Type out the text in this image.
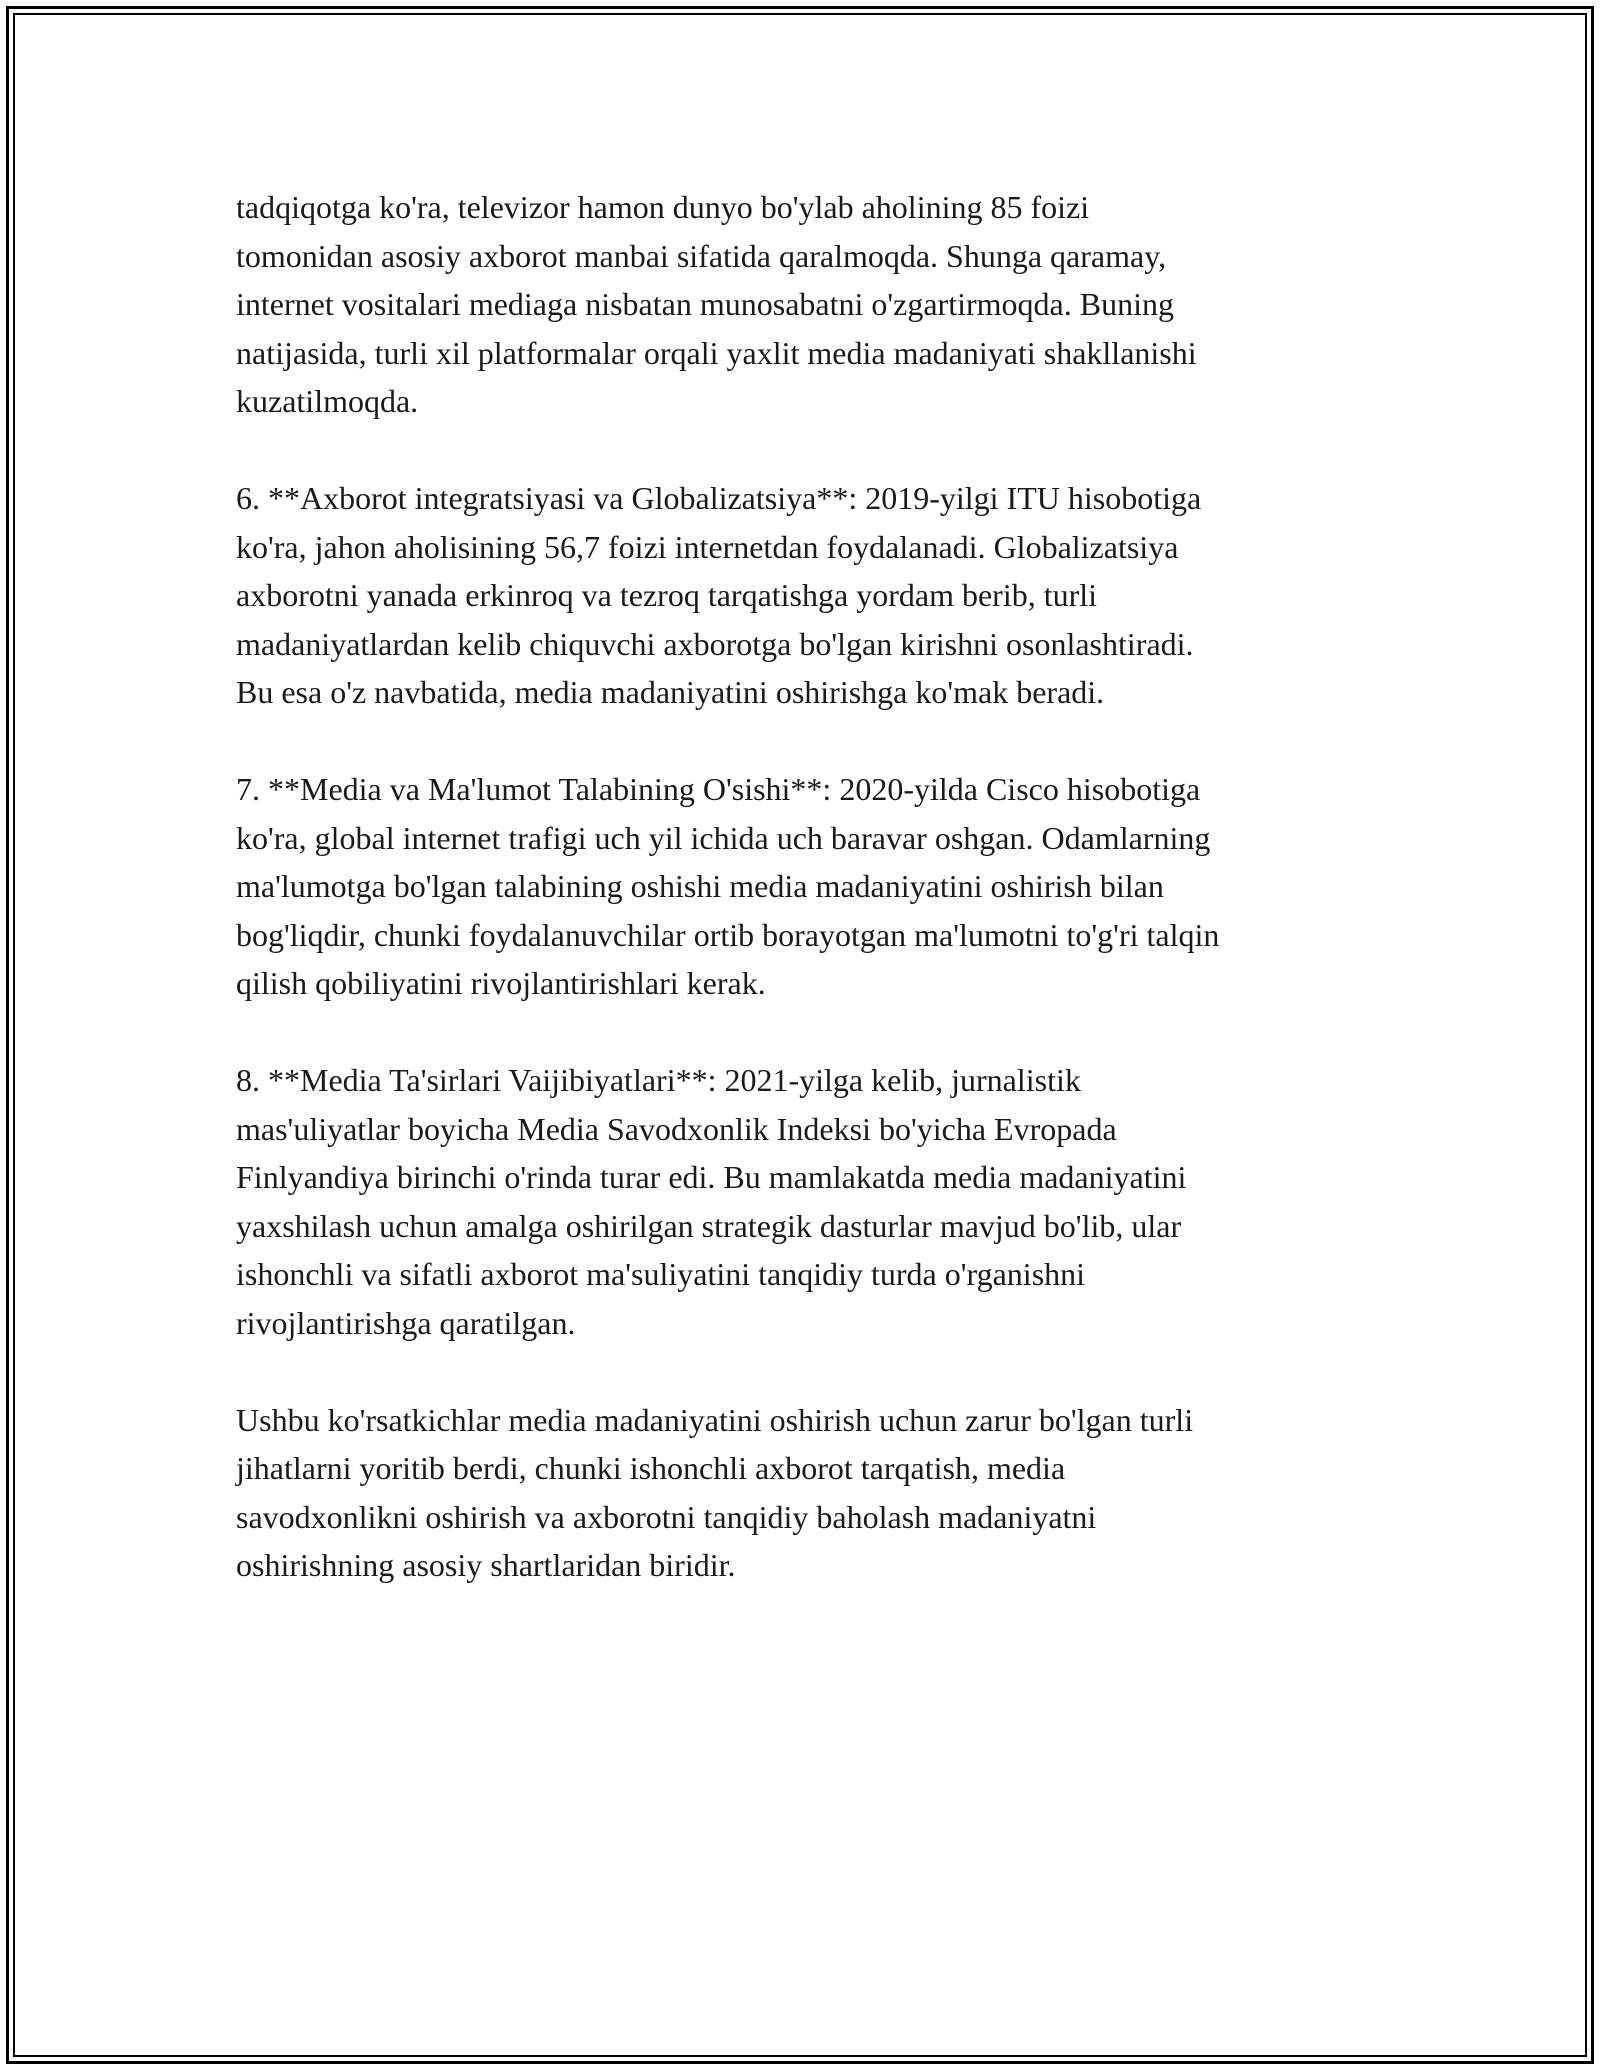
tadqiqotga ko'ra, televizor hamon dunyo bo'ylab aholining 85 foizi
tomonidan asosiy axborot manbai sifatida qaralmoqda. Shunga qaramay,
internet vositalari mediaga nisbatan munosabatni o'zgartirmoqda. Buning
natijasida, turli xil platformalar orqali yaxlit media madaniyati shakllanishi
kuzatilmoqda.

6. **Axborot integratsiyasi va Globalizatsiya**: 2019-yilgi ITU hisobotiga
ko'ra, jahon aholisining 56,7 foizi internetdan foydalanadi. Globalizatsiya
axborotni yanada erkinroq va tezroq tarqatishga yordam berib, turli
madaniyatlardan kelib chiquvchi axborotga bo'lgan kirishni osonlashtiradi.
Bu esa o'z navbatida, media madaniyatini oshirishga ko'mak beradi.

7. **Media va Ma'lumot Talabining O'sishi**: 2020-yilda Cisco hisobotiga
ko'ra, global internet trafigi uch yil ichida uch baravar oshgan. Odamlarning
ma'lumotga bo'lgan talabining oshishi media madaniyatini oshirish bilan
bog'liqdir, chunki foydalanuvchilar ortib borayotgan ma'lumotni to'g'ri talqin
qilish qobiliyatini rivojlantirishlari kerak.

8. **Media Ta'sirlari Vaijibiyatlari**: 2021-yilga kelib, jurnalistik
mas'uliyatlar boyicha Media Savodxonlik Indeksi bo'yicha Evropada
Finlyandiya birinchi o'rinda turar edi. Bu mamlakatda media madaniyatini
yaxshilash uchun amalga oshirilgan strategik dasturlar mavjud bo'lib, ular
ishonchli va sifatli axborot ma'suliyatini tanqidiy turda o'rganishni
rivojlantirishga qaratilgan.

Ushbu ko'rsatkichlar media madaniyatini oshirish uchun zarur bo'lgan turli
jihatlarni yoritib berdi, chunki ishonchli axborot tarqatish, media
savodxonlikni oshirish va axborotni tanqidiy baholash madaniyatni
oshirishning asosiy shartlaridan biridir.
